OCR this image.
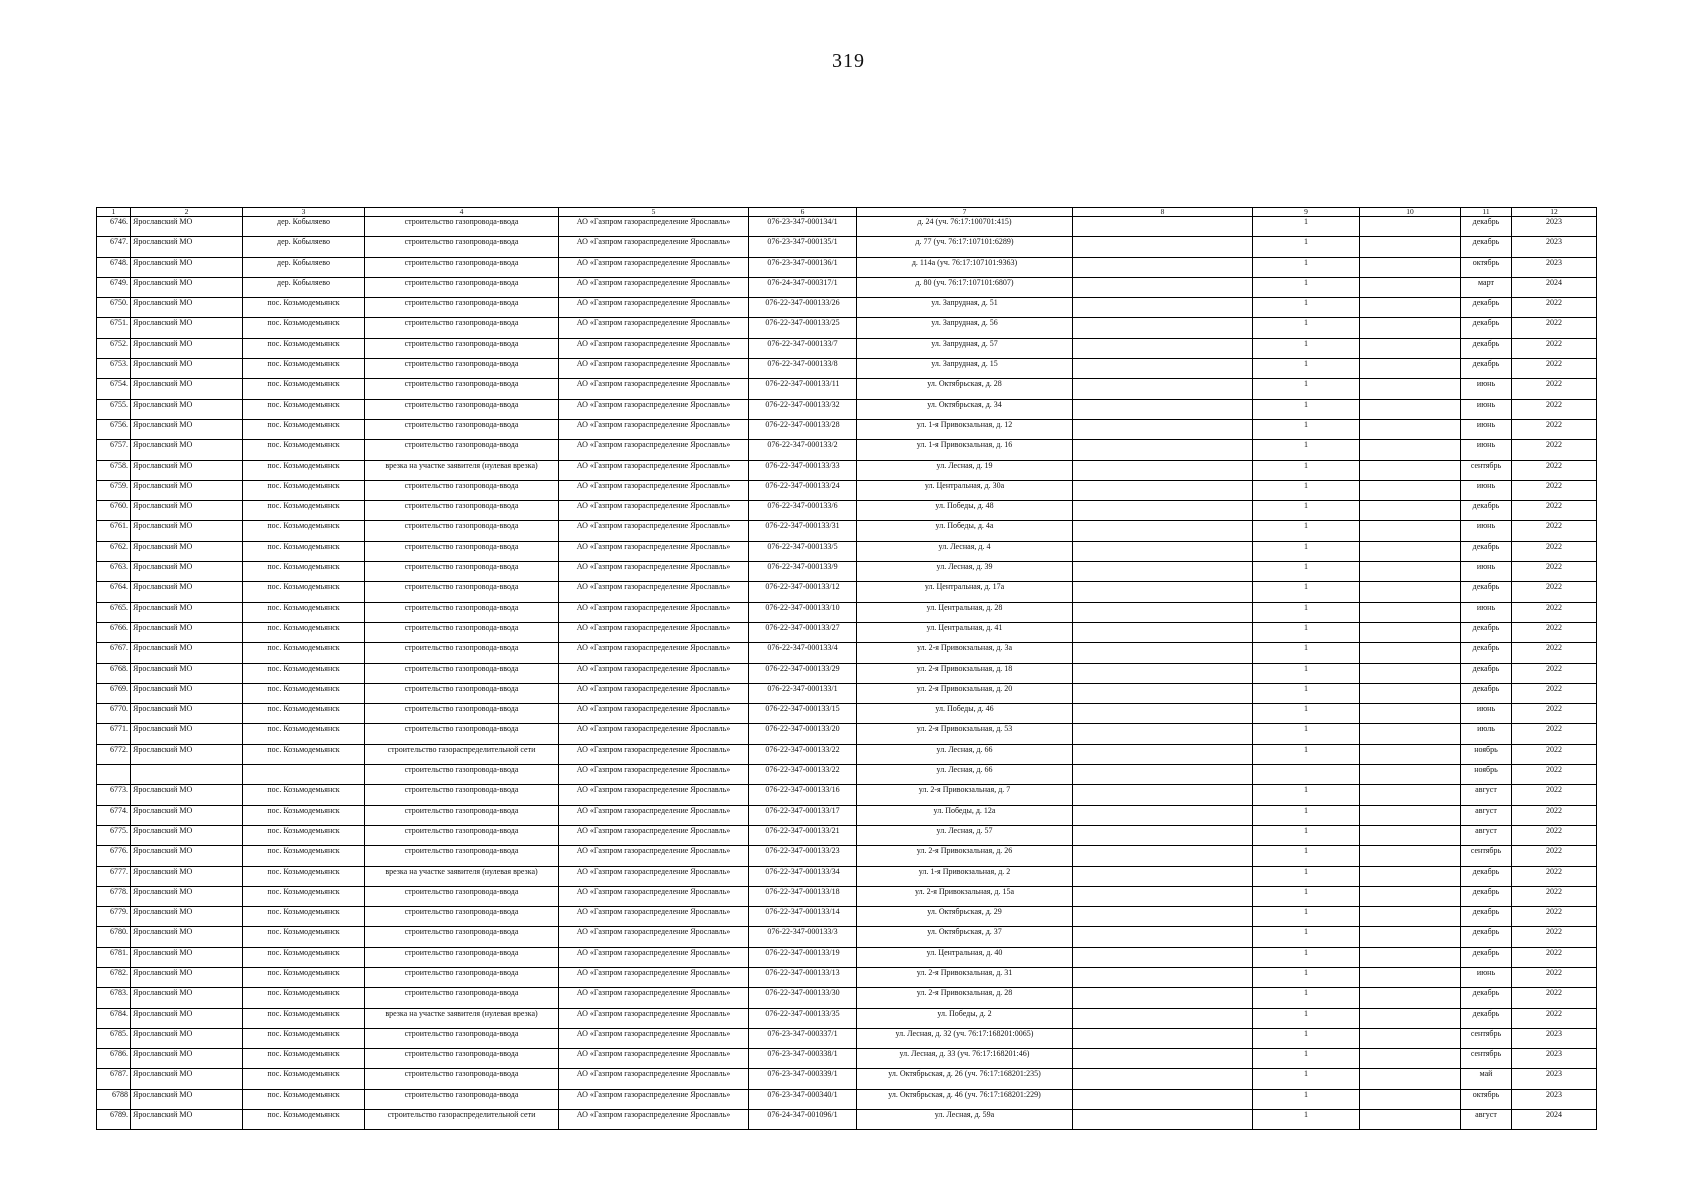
319
1	2	3	4	5	6	7	8	9	10	11	12
6746.	Ярославский МО	дер. Кобыляево	строительство газопровода-ввода	АО «Газпром газораспределение Ярославль»	076-23-347-000134/1	д. 24 (уч. 76:17:100701:415)		1		декабрь	2023
6747.	Ярославский МО	дер. Кобыляево	строительство газопровода-ввода	АО «Газпром газораспределение Ярославль»	076-23-347-000135/1	д. 77 (уч. 76:17:107101:6289)		1		декабрь	2023
6748.	Ярославский МО	дер. Кобыляево	строительство газопровода-ввода	АО «Газпром газораспределение Ярославль»	076-23-347-000136/1	д. 114а (уч. 76:17:107101:9363)		1		октябрь	2023
6749.	Ярославский МО	дер. Кобыляево	строительство газопровода-ввода	АО «Газпром газораспределение Ярославль»	076-24-347-000317/1	д. 80 (уч. 76:17:107101:6807)		1		март	2024
6750.	Ярославский МО	пос. Козьмодемьянск	строительство газопровода-ввода	АО «Газпром газораспределение Ярославль»	076-22-347-000133/26	ул. Запрудная, д. 51		1		декабрь	2022
6751.	Ярославский МО	пос. Козьмодемьянск	строительство газопровода-ввода	АО «Газпром газораспределение Ярославль»	076-22-347-000133/25	ул. Запрудная, д. 56		1		декабрь	2022
6752.	Ярославский МО	пос. Козьмодемьянск	строительство газопровода-ввода	АО «Газпром газораспределение Ярославль»	076-22-347-000133/7	ул. Запрудная, д. 57		1		декабрь	2022
6753.	Ярославский МО	пос. Козьмодемьянск	строительство газопровода-ввода	АО «Газпром газораспределение Ярославль»	076-22-347-000133/8	ул. Запрудная, д. 15		1		декабрь	2022
6754.	Ярославский МО	пос. Козьмодемьянск	строительство газопровода-ввода	АО «Газпром газораспределение Ярославль»	076-22-347-000133/11	ул. Октябрьская, д. 28		1		июнь	2022
6755.	Ярославский МО	пос. Козьмодемьянск	строительство газопровода-ввода	АО «Газпром газораспределение Ярославль»	076-22-347-000133/32	ул. Октябрьская, д. 34		1		июнь	2022
6756.	Ярославский МО	пос. Козьмодемьянск	строительство газопровода-ввода	АО «Газпром газораспределение Ярославль»	076-22-347-000133/28	ул. 1-я Привокзальная, д. 12		1		июнь	2022
6757.	Ярославский МО	пос. Козьмодемьянск	строительство газопровода-ввода	АО «Газпром газораспределение Ярославль»	076-22-347-000133/2	ул. 1-я Привокзальная, д. 16		1		июнь	2022
6758.	Ярославский МО	пос. Козьмодемьянск	врезка на участке заявителя (нулевая врезка)	АО «Газпром газораспределение Ярославль»	076-22-347-000133/33	ул. Лесная, д. 19		1		сентябрь	2022
6759.	Ярославский МО	пос. Козьмодемьянск	строительство газопровода-ввода	АО «Газпром газораспределение Ярославль»	076-22-347-000133/24	ул. Центральная, д. 30а		1		июнь	2022
6760.	Ярославский МО	пос. Козьмодемьянск	строительство газопровода-ввода	АО «Газпром газораспределение Ярославль»	076-22-347-000133/6	ул. Победы, д. 48		1		декабрь	2022
6761.	Ярославский МО	пос. Козьмодемьянск	строительство газопровода-ввода	АО «Газпром газораспределение Ярославль»	076-22-347-000133/31	ул. Победы, д. 4а		1		июнь	2022
6762.	Ярославский МО	пос. Козьмодемьянск	строительство газопровода-ввода	АО «Газпром газораспределение Ярославль»	076-22-347-000133/5	ул. Лесная, д. 4		1		декабрь	2022
6763.	Ярославский МО	пос. Козьмодемьянск	строительство газопровода-ввода	АО «Газпром газораспределение Ярославль»	076-22-347-000133/9	ул. Лесная, д. 39		1		июнь	2022
6764.	Ярославский МО	пос. Козьмодемьянск	строительство газопровода-ввода	АО «Газпром газораспределение Ярославль»	076-22-347-000133/12	ул. Центральная, д. 17а		1		декабрь	2022
6765.	Ярославский МО	пос. Козьмодемьянск	строительство газопровода-ввода	АО «Газпром газораспределение Ярославль»	076-22-347-000133/10	ул. Центральная, д. 28		1		июнь	2022
6766.	Ярославский МО	пос. Козьмодемьянск	строительство газопровода-ввода	АО «Газпром газораспределение Ярославль»	076-22-347-000133/27	ул. Центральная, д. 41		1		декабрь	2022
6767.	Ярославский МО	пос. Козьмодемьянск	строительство газопровода-ввода	АО «Газпром газораспределение Ярославль»	076-22-347-000133/4	ул. 2-я Привокзальная, д. 3а		1		декабрь	2022
6768.	Ярославский МО	пос. Козьмодемьянск	строительство газопровода-ввода	АО «Газпром газораспределение Ярославль»	076-22-347-000133/29	ул. 2-я Привокзальная, д. 18		1		декабрь	2022
6769.	Ярославский МО	пос. Козьмодемьянск	строительство газопровода-ввода	АО «Газпром газораспределение Ярославль»	076-22-347-000133/1	ул. 2-я Привокзальная, д. 20		1		декабрь	2022
6770.	Ярославский МО	пос. Козьмодемьянск	строительство газопровода-ввода	АО «Газпром газораспределение Ярославль»	076-22-347-000133/15	ул. Победы, д. 46		1		июнь	2022
6771.	Ярославский МО	пос. Козьмодемьянск	строительство газопровода-ввода	АО «Газпром газораспределение Ярославль»	076-22-347-000133/20	ул. 2-я Привокзальная, д. 53		1		июль	2022
6772.	Ярославский МО	пос. Козьмодемьянск	строительство газораспределительной сети	АО «Газпром газораспределение Ярославль»	076-22-347-000133/22	ул. Лесная, д. 66		1		ноябрь	2022
			строительство газопровода-ввода	АО «Газпром газораспределение Ярославль»	076-22-347-000133/22	ул. Лесная, д. 66				ноябрь	2022
6773.	Ярославский МО	пос. Козьмодемьянск	строительство газопровода-ввода	АО «Газпром газораспределение Ярославль»	076-22-347-000133/16	ул. 2-я Привокзальная, д. 7		1		август	2022
6774.	Ярославский МО	пос. Козьмодемьянск	строительство газопровода-ввода	АО «Газпром газораспределение Ярославль»	076-22-347-000133/17	ул. Победы, д. 12а		1		август	2022
6775.	Ярославский МО	пос. Козьмодемьянск	строительство газопровода-ввода	АО «Газпром газораспределение Ярославль»	076-22-347-000133/21	ул. Лесная, д. 57		1		август	2022
6776.	Ярославский МО	пос. Козьмодемьянск	строительство газопровода-ввода	АО «Газпром газораспределение Ярославль»	076-22-347-000133/23	ул. 2-я Привокзальная, д. 26		1		сентябрь	2022
6777.	Ярославский МО	пос. Козьмодемьянск	врезка на участке заявителя (нулевая врезка)	АО «Газпром газораспределение Ярославль»	076-22-347-000133/34	ул. 1-я Привокзальная, д. 2		1		декабрь	2022
6778.	Ярославский МО	пос. Козьмодемьянск	строительство газопровода-ввода	АО «Газпром газораспределение Ярославль»	076-22-347-000133/18	ул. 2-я Привокзальная, д. 15а		1		декабрь	2022
6779.	Ярославский МО	пос. Козьмодемьянск	строительство газопровода-ввода	АО «Газпром газораспределение Ярославль»	076-22-347-000133/14	ул. Октябрьская, д. 29		1		декабрь	2022
6780.	Ярославский МО	пос. Козьмодемьянск	строительство газопровода-ввода	АО «Газпром газораспределение Ярославль»	076-22-347-000133/3	ул. Октябрьская, д. 37		1		декабрь	2022
6781.	Ярославский МО	пос. Козьмодемьянск	строительство газопровода-ввода	АО «Газпром газораспределение Ярославль»	076-22-347-000133/19	ул. Центральная, д. 40		1		декабрь	2022
6782.	Ярославский МО	пос. Козьмодемьянск	строительство газопровода-ввода	АО «Газпром газораспределение Ярославль»	076-22-347-000133/13	ул. 2-я Привокзальная, д. 31		1		июнь	2022
6783.	Ярославский МО	пос. Козьмодемьянск	строительство газопровода-ввода	АО «Газпром газораспределение Ярославль»	076-22-347-000133/30	ул. 2-я Привокзальная, д. 28		1		декабрь	2022
6784.	Ярославский МО	пос. Козьмодемьянск	врезка на участке заявителя (нулевая врезка)	АО «Газпром газораспределение Ярославль»	076-22-347-000133/35	ул. Победы, д. 2		1		декабрь	2022
6785.	Ярославский МО	пос. Козьмодемьянск	строительство газопровода-ввода	АО «Газпром газораспределение Ярославль»	076-23-347-000337/1	ул. Лесная, д. 32 (уч. 76:17:168201:0065)		1		сентябрь	2023
6786.	Ярославский МО	пос. Козьмодемьянск	строительство газопровода-ввода	АО «Газпром газораспределение Ярославль»	076-23-347-000338/1	ул. Лесная, д. 33 (уч. 76:17:168201:46)		1		сентябрь	2023
6787.	Ярославский МО	пос. Козьмодемьянск	строительство газопровода-ввода	АО «Газпром газораспределение Ярославль»	076-23-347-000339/1	ул. Октябрьская, д. 26 (уч. 76:17:168201:235)		1		май	2023
6788	Ярославский МО	пос. Козьмодемьянск	строительство газопровода-ввода	АО «Газпром газораспределение Ярославль»	076-23-347-000340/1	ул. Октябрьская, д. 46 (уч. 76:17:168201:229)		1		октябрь	2023
6789.	Ярославский МО	пос. Козьмодемьянск	строительство газораспределительной сети	АО «Газпром газораспределение Ярославль»	076-24-347-001096/1	ул. Лесная, д. 59а		1		август	2024
